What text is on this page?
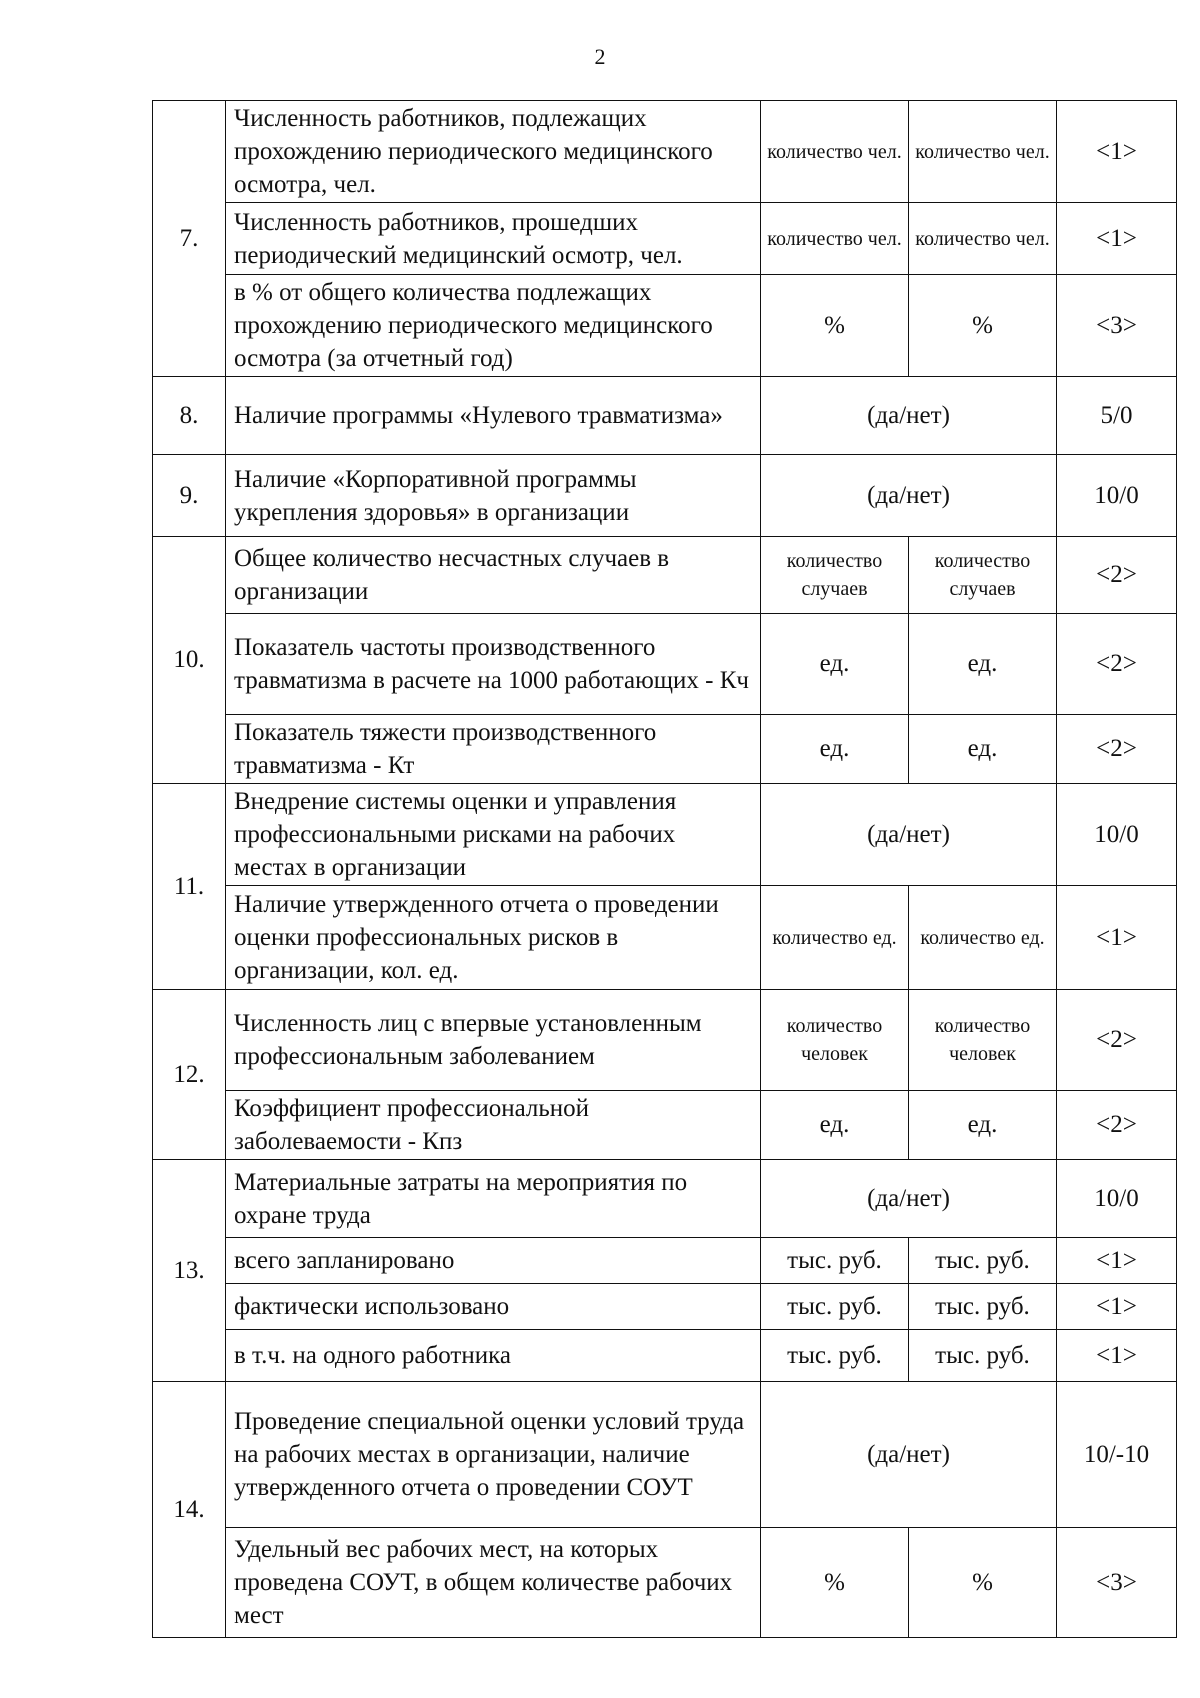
2
7.	Численность работников, подлежащих прохождению периодического медицинского осмотра, чел.	количество чел.	количество чел.	<1>
	Численность работников, прошедших периодический медицинский осмотр, чел.	количество чел.	количество чел.	<1>
	в % от общего количества подлежащих прохождению периодического медицинского осмотра (за отчетный год)	%	%	<3>
8.	Наличие программы «Нулевого травматизма»	(да/нет)		5/0
9.	Наличие «Корпоративной программы укрепления здоровья» в организации	(да/нет)		10/0
10.	Общее количество несчастных случаев в организации	количество случаев	количество случаев	<2>
	Показатель частоты производственного травматизма в расчете на 1000 работающих - Кч	ед.	ед.	<2>
	Показатель тяжести производственного травматизма - Кт	ед.	ед.	<2>
11.	Внедрение системы оценки и управления профессиональными рисками на рабочих местах в организации	(да/нет)		10/0
	Наличие утвержденного отчета о проведении оценки профессиональных рисков в организации, кол. ед.	количество ед.	количество ед.	<1>
12.	Численность лиц с впервые установленным профессиональным заболеванием	количество человек	количество человек	<2>
	Коэффициент профессиональной заболеваемости - Кпз	ед.	ед.	<2>
13.	Материальные затраты на мероприятия по охране труда	(да/нет)		10/0
	всего запланировано	тыс. руб.	тыс. руб.	<1>
	фактически использовано	тыс. руб.	тыс. руб.	<1>
	в т.ч. на одного работника	тыс. руб.	тыс. руб.	<1>
14.	Проведение специальной оценки условий труда на рабочих местах в организации, наличие утвержденного отчета о проведении СОУТ	(да/нет)		10/-10
	Удельный вес рабочих мест, на которых проведена СОУТ, в общем количестве рабочих мест	%	%	<3>
